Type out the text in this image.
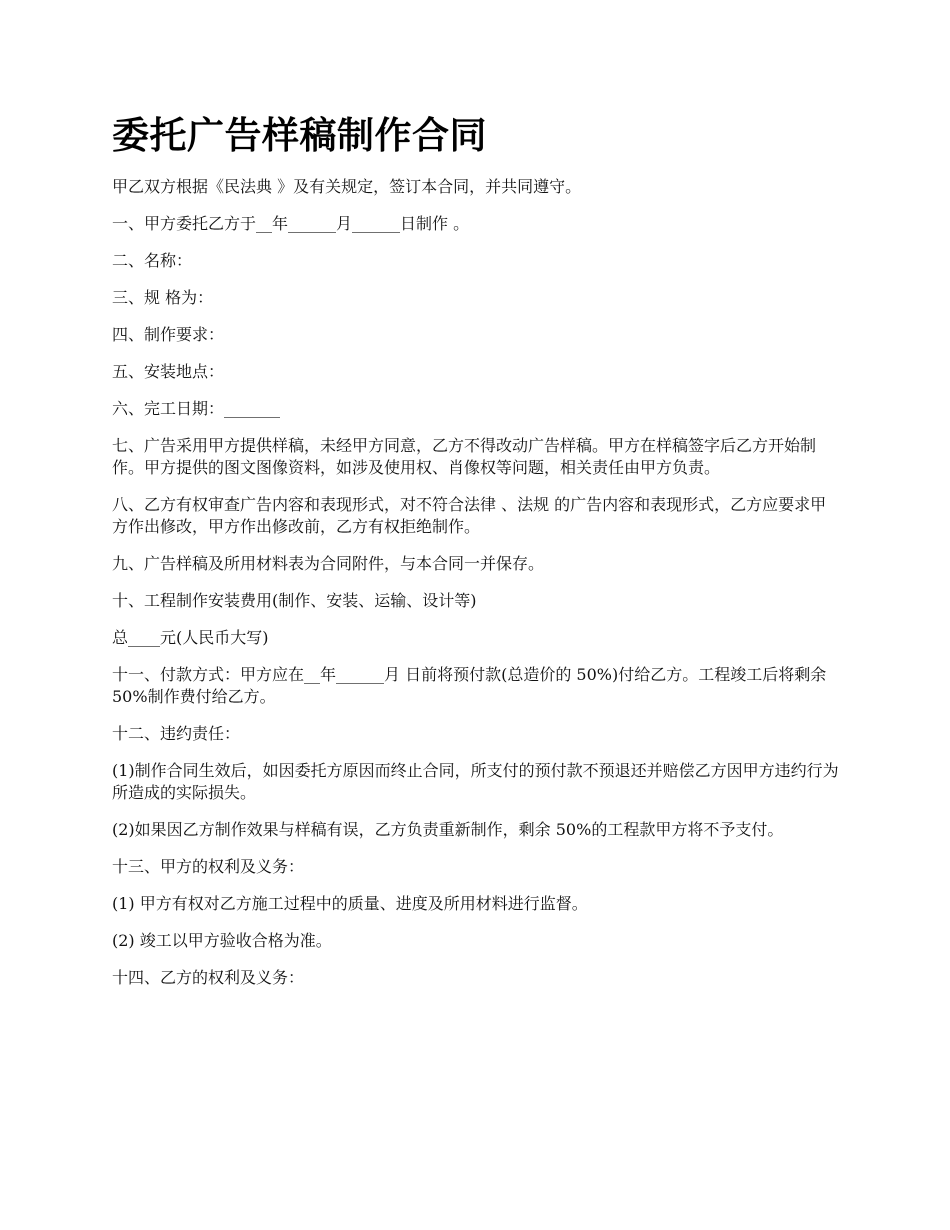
委托广告样稿制作合同

甲乙双方根据《民法典 》及有关规定，签订本合同，并共同遵守。

一、甲方委托乙方于__年______月______日制作 。

二、名称：

三、规 格为：

四、制作要求：

五、安装地点：

六、完工日期：_______

七、广告采用甲方提供样稿，未经甲方同意，乙方不得改动广告样稿。甲方在样稿签字后乙方开始制作。甲方提供的图文图像资料，如涉及使用权、肖像权等问题，相关责任由甲方负责。

八、乙方有权审查广告内容和表现形式，对不符合法律 、法规 的广告内容和表现形式，乙方应要求甲方作出修改，甲方作出修改前，乙方有权拒绝制作。

九、广告样稿及所用材料表为合同附件，与本合同一并保存。

十、工程制作安装费用(制作、安装、运输、设计等)

总____元(人民币大写)

十一、付款方式：甲方应在__年______月 日前将预付款(总造价的 50%)付给乙方。工程竣工后将剩余 50%制作费付给乙方。

十二、违约责任：

(1)制作合同生效后，如因委托方原因而终止合同，所支付的预付款不预退还并赔偿乙方因甲方违约行为所造成的实际损失。

(2)如果因乙方制作效果与样稿有误，乙方负责重新制作，剩余 50%的工程款甲方将不予支付。

十三、甲方的权利及义务：

(1) 甲方有权对乙方施工过程中的质量、进度及所用材料进行监督。

(2) 竣工以甲方验收合格为准。

十四、乙方的权利及义务：
